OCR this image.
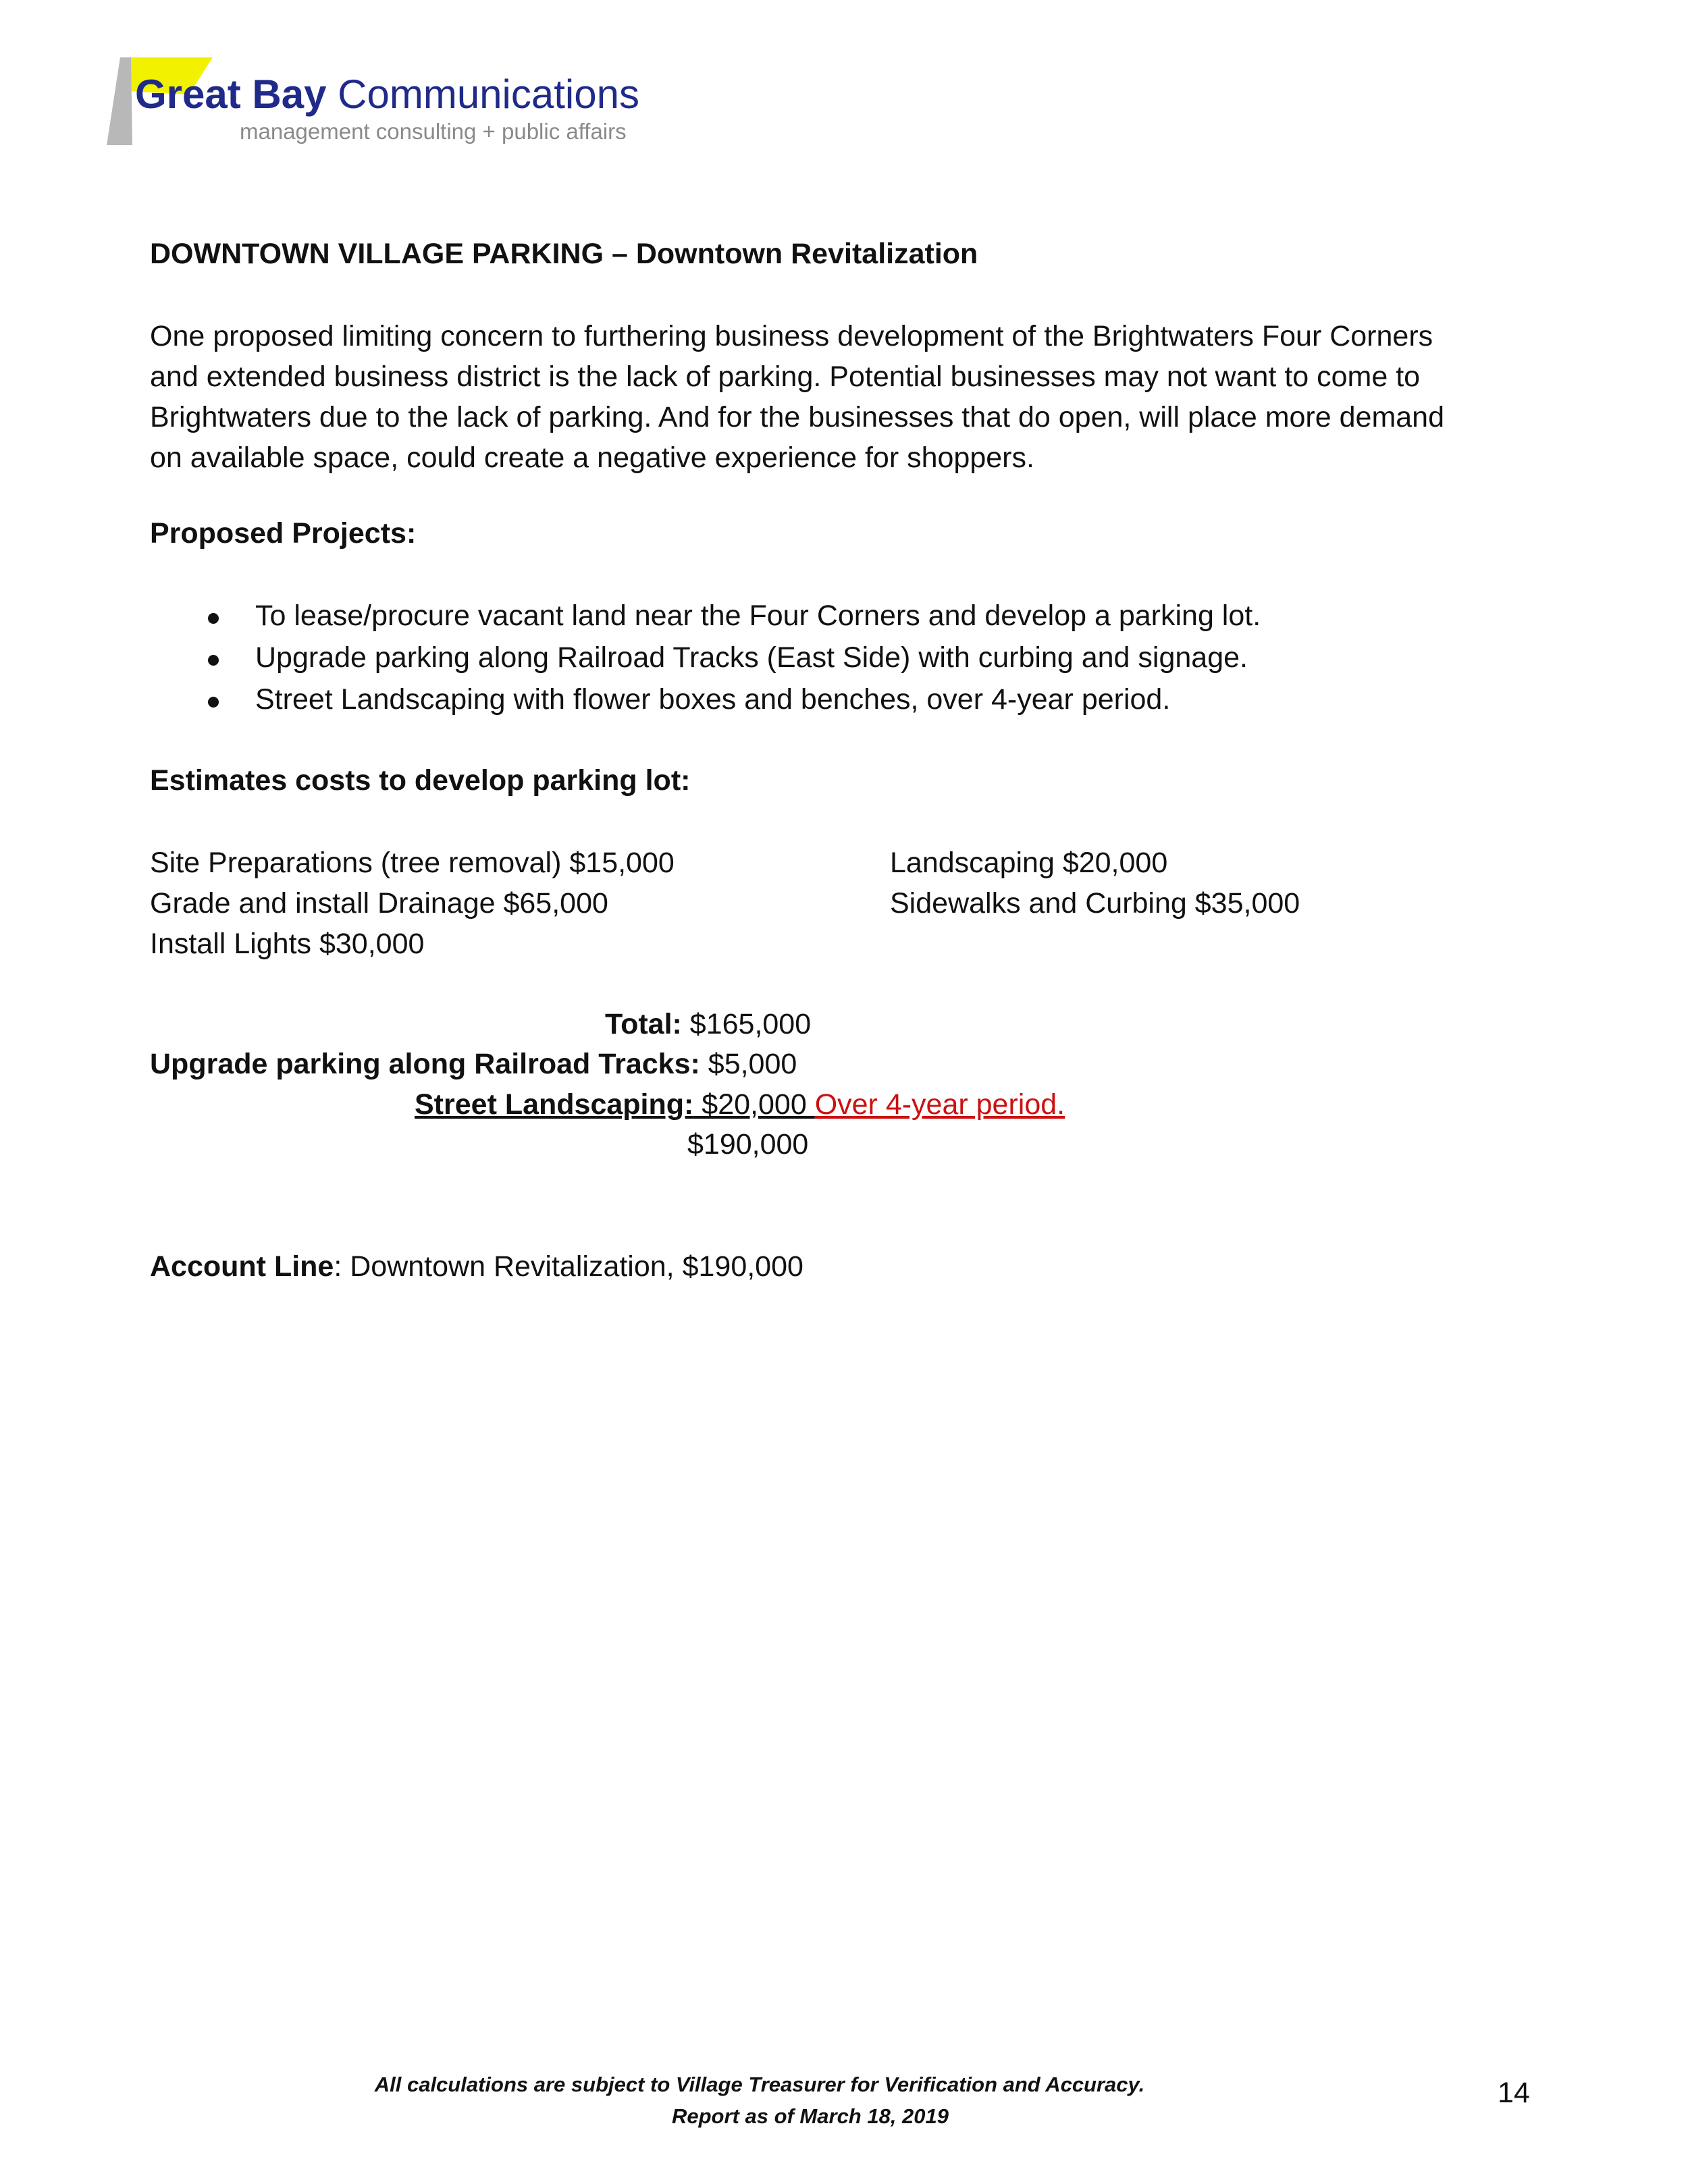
Great Bay Communications
management consulting + public affairs
DOWNTOWN VILLAGE PARKING – Downtown Revitalization
One proposed limiting concern to furthering business development of the Brightwaters Four Corners
and extended business district is the lack of parking. Potential businesses may not want to come to
Brightwaters due to the lack of parking. And for the businesses that do open, will place more demand
on available space, could create a negative experience for shoppers.
Proposed Projects:
To lease/procure vacant land near the Four Corners and develop a parking lot.
Upgrade parking along Railroad Tracks (East Side) with curbing and signage.
Street Landscaping with flower boxes and benches, over 4-year period.
Estimates costs to develop parking lot:
Site Preparations (tree removal) $15,000
Grade and install Drainage $65,000
Install Lights $30,000
Landscaping $20,000
Sidewalks and Curbing $35,000
Total: $165,000
Upgrade parking along Railroad Tracks: $5,000
Street Landscaping: $20,000 Over 4-year period.
$190,000
Account Line: Downtown Revitalization, $190,000
All calculations are subject to Village Treasurer for Verification and Accuracy.
Report as of March 18, 2019
14
